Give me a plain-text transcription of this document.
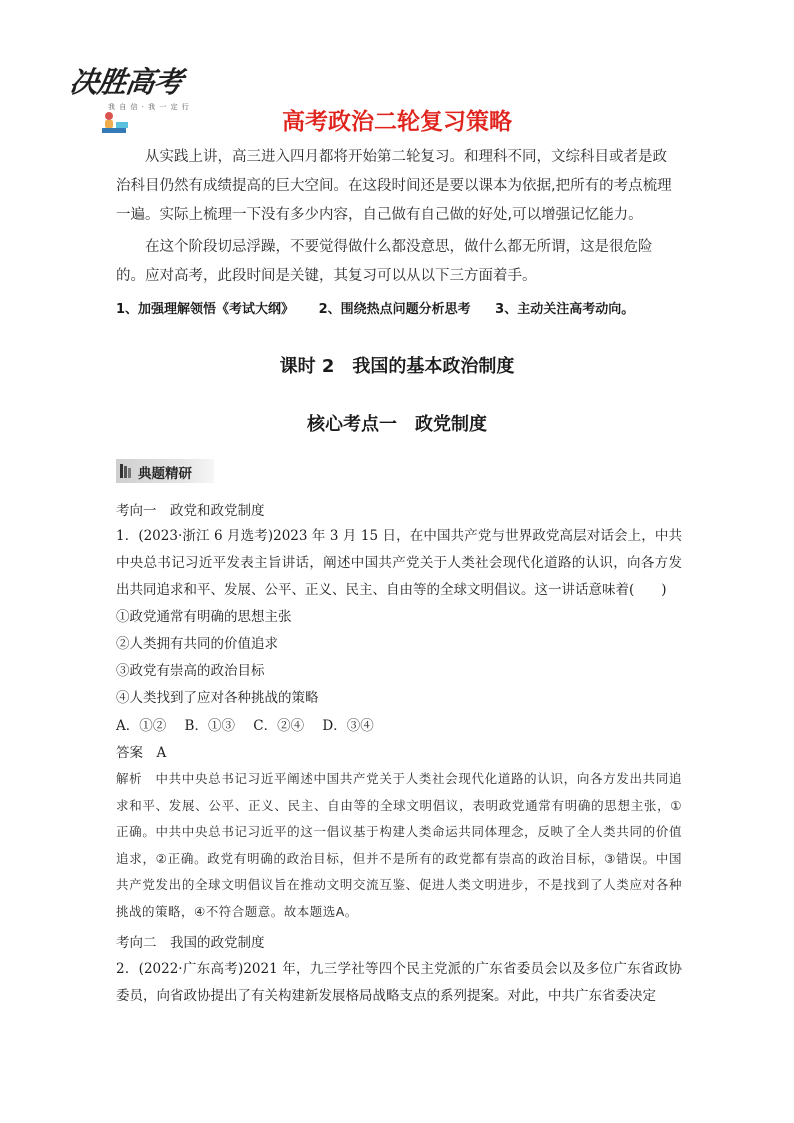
决胜高考
我 自 信 · 我 一 定 行
高考政治二轮复习策略

从实践上讲，高三进入四月都将开始第二轮复习。和理科不同，文综科目或者是政治科目仍然有成绩提高的巨大空间。在这段时间还是要以课本为依据,把所有的考点梳理一遍。实际上梳理一下没有多少内容，自己做有自己做的好处,可以增强记忆能力。

在这个阶段切忌浮躁，不要觉得做什么都没意思，做什么都无所谓，这是很危险的。应对高考，此段时间是关键，其复习可以从以下三方面着手。

1、加强理解领悟《考试大纲》 2、围绕热点问题分析思考 3、主动关注高考动向。
课时 2　我国的基本政治制度
核心考点一　政党制度
典题精研
考向一　政党和政党制度

1．(2023·浙江 6 月选考)2023 年 3 月 15 日，在中国共产党与世界政党高层对话会上，中共中央总书记习近平发表主旨讲话，阐述中国共产党关于人类社会现代化道路的认识，向各方发出共同追求和平、发展、公平、正义、民主、自由等的全球文明倡议。这一讲话意味着(　　)

①政党通常有明确的思想主张
②人类拥有共同的价值追求
③政党有崇高的政治目标
④人类找到了应对各种挑战的策略
A．①② B．①③ C．②④ D．③④
答案　A

解析　中共中央总书记习近平阐述中国共产党关于人类社会现代化道路的认识，向各方发出共同追求和平、发展、公平、正义、民主、自由等的全球文明倡议，表明政党通常有明确的思想主张，①正确。中共中央总书记习近平的这一倡议基于构建人类命运共同体理念，反映了全人类共同的价值追求，②正确。政党有明确的政治目标，但并不是所有的政党都有崇高的政治目标，③错误。中国共产党发出的全球文明倡议旨在推动文明交流互鉴、促进人类文明进步，不是找到了人类应对各种挑战的策略，④不符合题意。故本题选A。

考向二　我国的政党制度

2．(2022·广东高考)2021 年，九三学社等四个民主党派的广东省委员会以及多位广东省政协委员，向省政协提出了有关构建新发展格局战略支点的系列提案。对此，中共广东省委决定
